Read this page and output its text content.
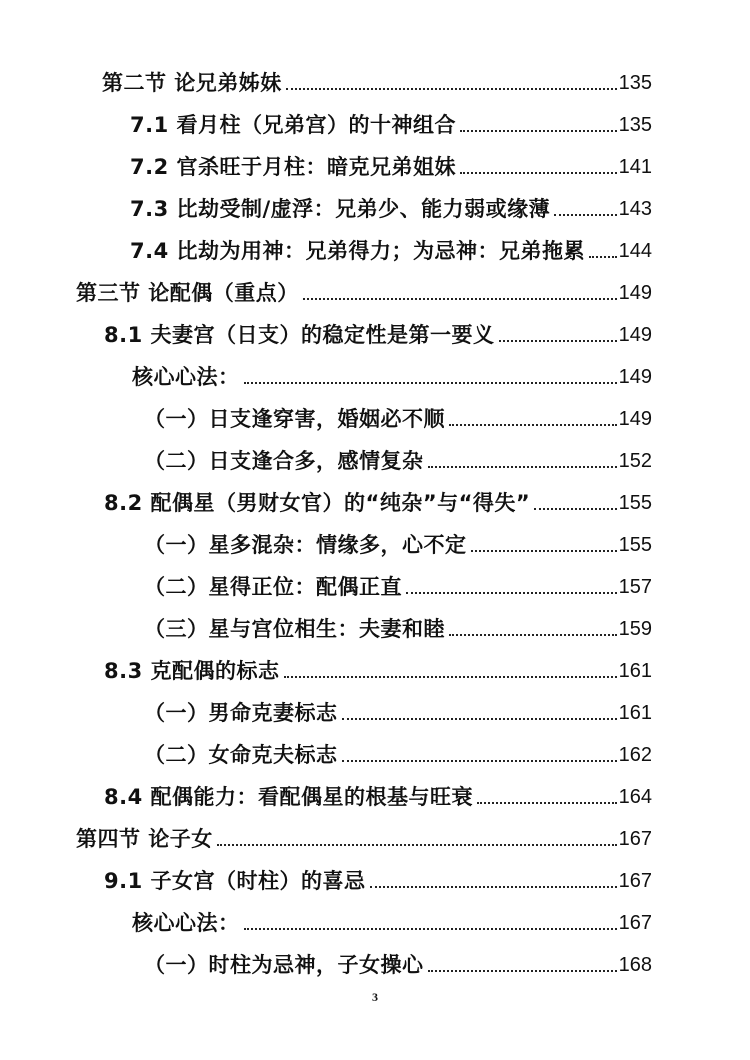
第二节 论兄弟姊妹	135
7.1 看月柱（兄弟宫）的十神组合	135
7.2 官杀旺于月柱：暗克兄弟姐妹	141
7.3 比劫受制/虚浮：兄弟少、能力弱或缘薄	143
7.4 比劫为用神：兄弟得力；为忌神：兄弟拖累 144
第三节 论配偶（重点）	149
8.1 夫妻宫（日支）的稳定性是第一要义	149
核心心法：	149
（一）日支逢穿害，婚姻必不顺	149
（二）日支逢合多，感情复杂	152
8.2 配偶星（男财女官）的“纯杂”与“得失”	155
（一）星多混杂：情缘多，心不定	155
（二）星得正位：配偶正直	157
（三）星与宫位相生：夫妻和睦	159
8.3 克配偶的标志	161
（一）男命克妻标志	161
（二）女命克夫标志	162
8.4 配偶能力：看配偶星的根基与旺衰	164
第四节 论子女	167
9.1 子女宫（时柱）的喜忌	167
核心心法：	167
（一）时柱为忌神，子女操心	168
3
